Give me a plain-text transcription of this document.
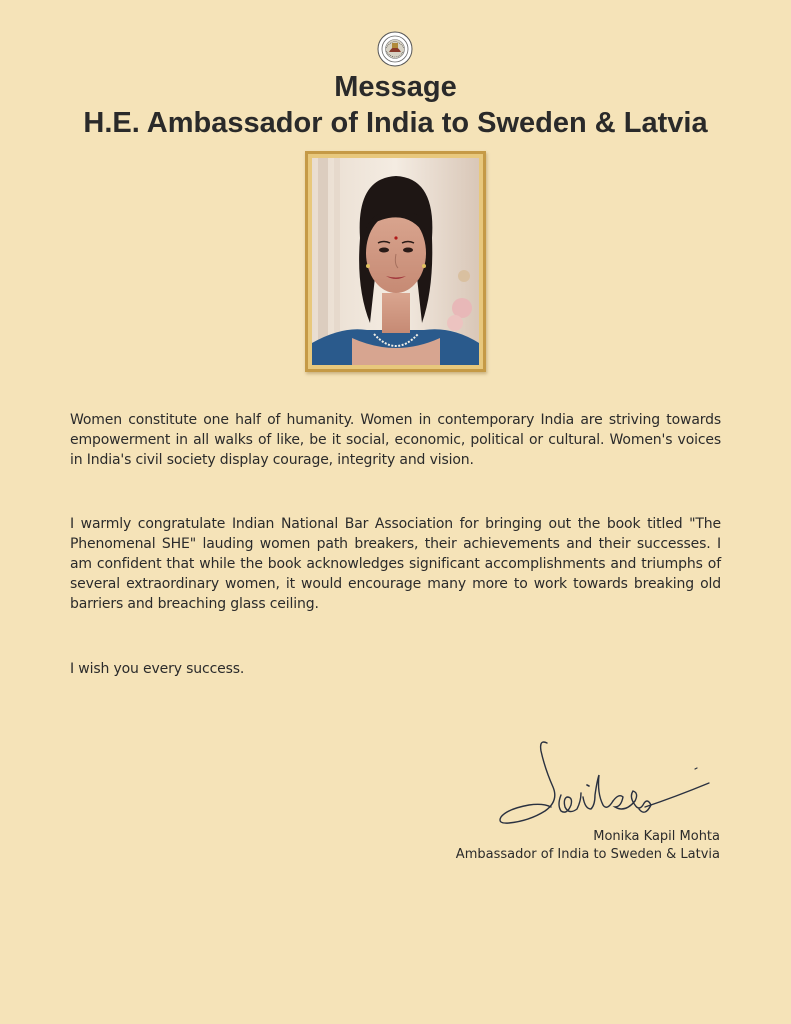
Message
H.E. Ambassador of India to Sweden & Latvia

Women constitute one half of humanity. Women in contemporary India are striving towards empowerment in all walks of like, be it social, economic, political or cultural. Women's voices in India's civil society display courage, integrity and vision.

I warmly congratulate Indian National Bar Association for bringing out the book titled "The Phenomenal SHE" lauding women path breakers, their achievements and their successes. I am confident that while the book acknowledges significant accomplishments and triumphs of several extraordinary women, it would encourage many more to work towards breaking old barriers and breaching glass ceiling.

I wish you every success.

Monika Kapil Mohta
Ambassador of India to Sweden & Latvia
